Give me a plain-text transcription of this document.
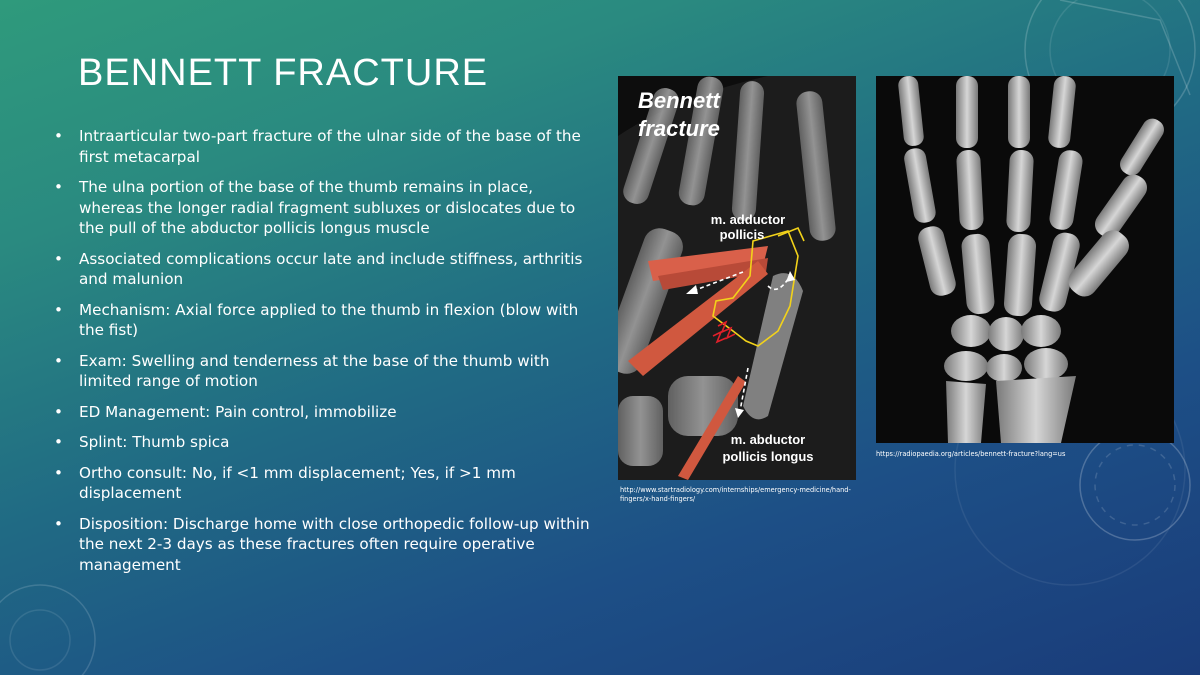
BENNETT FRACTURE
• Intraarticular two-part fracture of the ulnar side of the base of the first metacarpal
• The ulna portion of the base of the thumb remains in place, whereas the longer radial fragment subluxes or dislocates due to the pull of the abductor pollicis longus muscle
• Associated complications occur late and include stiffness, arthritis and malunion
• Mechanism: Axial force applied to the thumb in flexion (blow with the fist)
• Exam: Swelling and tenderness at the base of the thumb with limited range of motion
• ED Management: Pain control, immobilize
• Splint: Thumb spica
• Ortho consult: No, if <1 mm displacement; Yes, if >1 mm displacement
• Disposition: Discharge home with close orthopedic follow-up within the next 2-3 days as these fractures often require operative management
Bennett
fracture
m. adductor
pollicis
m. abductor
pollicis longus
http://www.startradiology.com/internships/emergency-medicine/hand-fingers/x-hand-fingers/
https://radiopaedia.org/articles/bennett-fracture?lang=us
